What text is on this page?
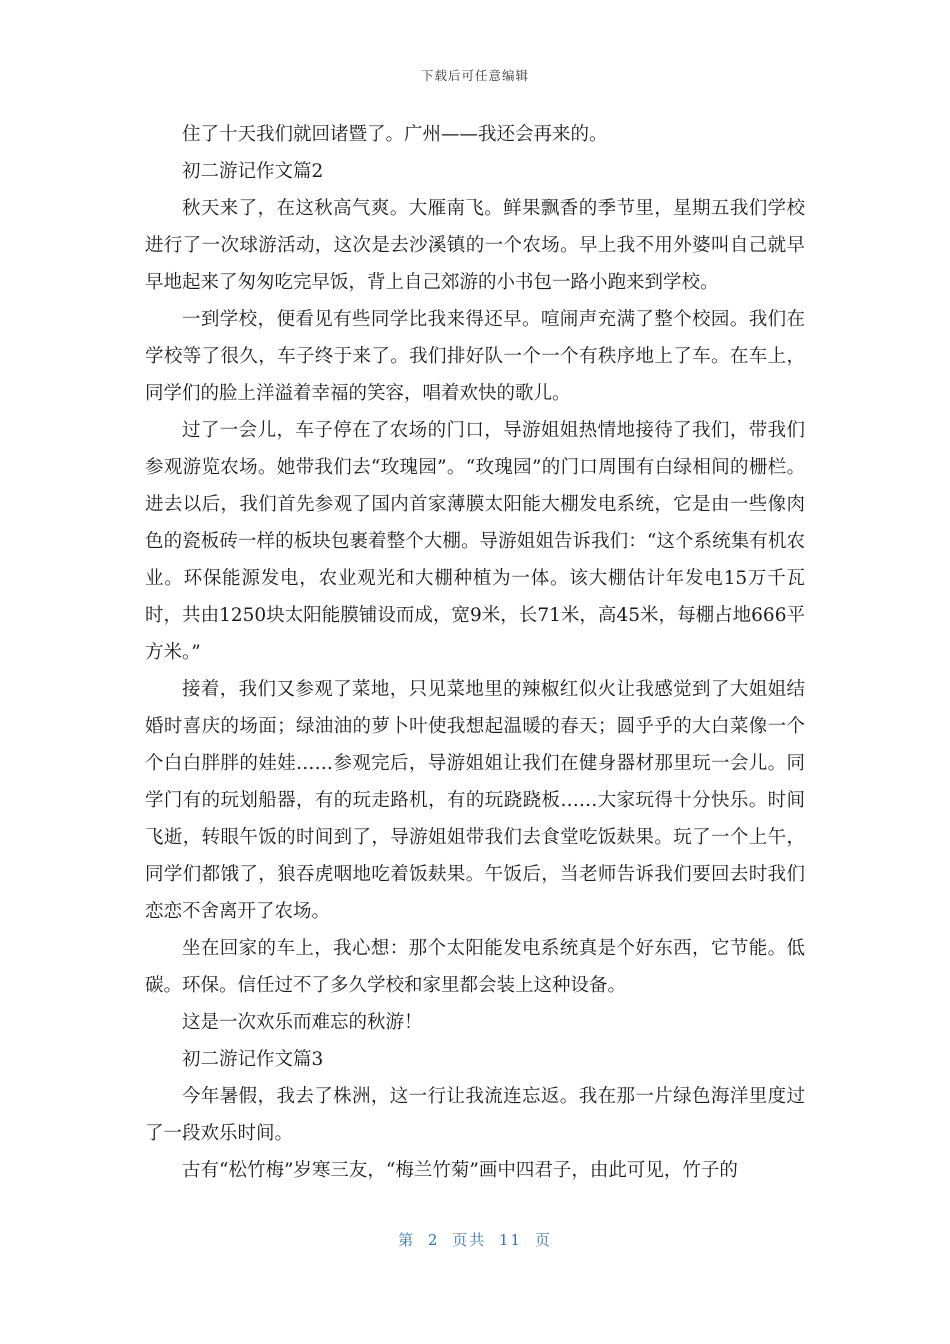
下载后可任意编辑

住了十天我们就回诸暨了。广州——我还会再来的。

初二游记作文篇2

秋天来了，在这秋高气爽。大雁南飞。鲜果飘香的季节里，星期五我们学校进行了一次球游活动，这次是去沙溪镇的一个农场。早上我不用外婆叫自己就早早地起来了匆匆吃完早饭，背上自己郊游的小书包一路小跑来到学校。

一到学校，便看见有些同学比我来得还早。喧闹声充满了整个校园。我们在学校等了很久，车子终于来了。我们排好队一个一个有秩序地上了车。在车上，同学们的脸上洋溢着幸福的笑容，唱着欢快的歌儿。

过了一会儿，车子停在了农场的门口，导游姐姐热情地接待了我们，带我们参观游览农场。她带我们去“玫瑰园”。“玫瑰园”的门口周围有白绿相间的栅栏。进去以后，我们首先参观了国内首家薄膜太阳能大棚发电系统，它是由一些像肉色的瓷板砖一样的板块包裹着整个大棚。导游姐姐告诉我们：“这个系统集有机农业。环保能源发电，农业观光和大棚种植为一体。该大棚估计年发电15万千瓦时，共由1250块太阳能膜铺设而成，宽9米，长71米，高45米，每棚占地666平方米。”

接着，我们又参观了菜地，只见菜地里的辣椒红似火让我感觉到了大姐姐结婚时喜庆的场面；绿油油的萝卜叶使我想起温暖的春天；圆乎乎的大白菜像一个个白白胖胖的娃娃……参观完后，导游姐姐让我们在健身器材那里玩一会儿。同学门有的玩划船器，有的玩走路机，有的玩跷跷板……大家玩得十分快乐。时间飞逝，转眼午饭的时间到了，导游姐姐带我们去食堂吃饭麸果。玩了一个上午，同学们都饿了，狼吞虎咽地吃着饭麸果。午饭后，当老师告诉我们要回去时我们恋恋不舍离开了农场。

坐在回家的车上，我心想：那个太阳能发电系统真是个好东西，它节能。低碳。环保。信任过不了多久学校和家里都会装上这种设备。

这是一次欢乐而难忘的秋游！

初二游记作文篇3

今年暑假，我去了株洲，这一行让我流连忘返。我在那一片绿色海洋里度过了一段欢乐时间。

古有“松竹梅”岁寒三友，“梅兰竹菊”画中四君子，由此可见，竹子的

第 2 页共 11 页
